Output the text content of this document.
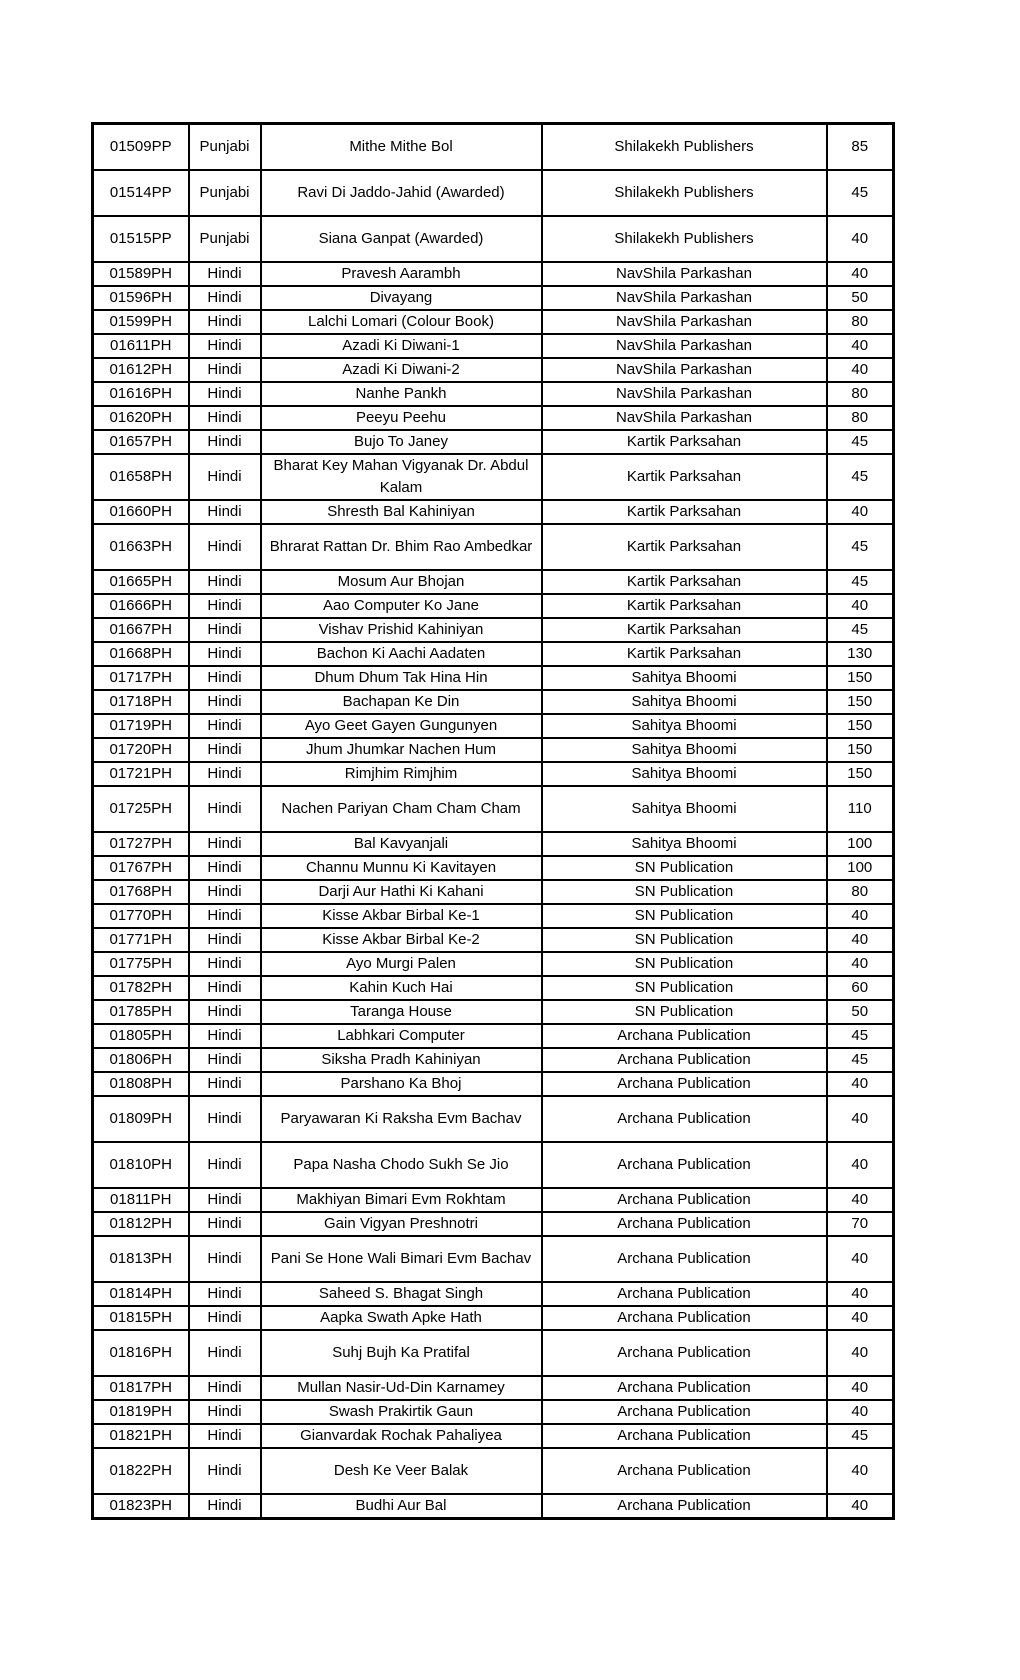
01509PP	Punjabi	Mithe Mithe Bol	Shilakekh Publishers	85
01514PP	Punjabi	Ravi Di Jaddo-Jahid (Awarded)	Shilakekh Publishers	45
01515PP	Punjabi	Siana Ganpat (Awarded)	Shilakekh Publishers	40
01589PH	Hindi	Pravesh Aarambh	NavShila Parkashan	40
01596PH	Hindi	Divayang	NavShila Parkashan	50
01599PH	Hindi	Lalchi Lomari (Colour Book)	NavShila Parkashan	80
01611PH	Hindi	Azadi Ki Diwani-1	NavShila Parkashan	40
01612PH	Hindi	Azadi Ki Diwani-2	NavShila Parkashan	40
01616PH	Hindi	Nanhe Pankh	NavShila Parkashan	80
01620PH	Hindi	Peeyu Peehu	NavShila Parkashan	80
01657PH	Hindi	Bujo To Janey	Kartik Parksahan	45
01658PH	Hindi	Bharat Key Mahan Vigyanak Dr. Abdul Kalam	Kartik Parksahan	45
01660PH	Hindi	Shresth Bal Kahiniyan	Kartik Parksahan	40
01663PH	Hindi	Bhrarat Rattan Dr. Bhim Rao Ambedkar	Kartik Parksahan	45
01665PH	Hindi	Mosum Aur Bhojan	Kartik Parksahan	45
01666PH	Hindi	Aao Computer Ko Jane	Kartik Parksahan	40
01667PH	Hindi	Vishav Prishid Kahiniyan	Kartik Parksahan	45
01668PH	Hindi	Bachon Ki Aachi Aadaten	Kartik Parksahan	130
01717PH	Hindi	Dhum Dhum Tak Hina Hin	Sahitya Bhoomi	150
01718PH	Hindi	Bachapan Ke Din	Sahitya Bhoomi	150
01719PH	Hindi	Ayo Geet Gayen Gungunyen	Sahitya Bhoomi	150
01720PH	Hindi	Jhum Jhumkar Nachen Hum	Sahitya Bhoomi	150
01721PH	Hindi	Rimjhim Rimjhim	Sahitya Bhoomi	150
01725PH	Hindi	Nachen Pariyan Cham Cham Cham	Sahitya Bhoomi	110
01727PH	Hindi	Bal Kavyanjali	Sahitya Bhoomi	100
01767PH	Hindi	Channu Munnu Ki Kavitayen	SN Publication	100
01768PH	Hindi	Darji Aur Hathi Ki Kahani	SN Publication	80
01770PH	Hindi	Kisse Akbar Birbal Ke-1	SN Publication	40
01771PH	Hindi	Kisse Akbar Birbal Ke-2	SN Publication	40
01775PH	Hindi	Ayo Murgi Palen	SN Publication	40
01782PH	Hindi	Kahin Kuch Hai	SN Publication	60
01785PH	Hindi	Taranga House	SN Publication	50
01805PH	Hindi	Labhkari Computer	Archana Publication	45
01806PH	Hindi	Siksha Pradh Kahiniyan	Archana Publication	45
01808PH	Hindi	Parshano Ka Bhoj	Archana Publication	40
01809PH	Hindi	Paryawaran Ki Raksha Evm Bachav	Archana Publication	40
01810PH	Hindi	Papa Nasha Chodo Sukh Se Jio	Archana Publication	40
01811PH	Hindi	Makhiyan Bimari Evm Rokhtam	Archana Publication	40
01812PH	Hindi	Gain Vigyan Preshnotri	Archana Publication	70
01813PH	Hindi	Pani Se Hone Wali Bimari Evm Bachav	Archana Publication	40
01814PH	Hindi	Saheed S. Bhagat Singh	Archana Publication	40
01815PH	Hindi	Aapka Swath Apke Hath	Archana Publication	40
01816PH	Hindi	Suhj Bujh Ka Pratifal	Archana Publication	40
01817PH	Hindi	Mullan Nasir-Ud-Din Karnamey	Archana Publication	40
01819PH	Hindi	Swash Prakirtik Gaun	Archana Publication	40
01821PH	Hindi	Gianvardak Rochak Pahaliyea	Archana Publication	45
01822PH	Hindi	Desh Ke Veer Balak	Archana Publication	40
01823PH	Hindi	Budhi Aur Bal	Archana Publication	40
